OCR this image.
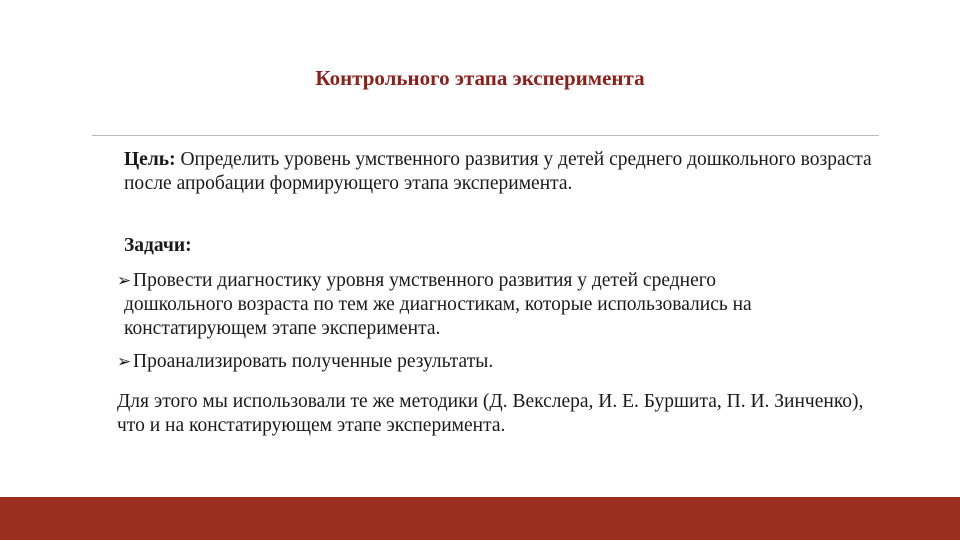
Контрольного этапа эксперимента
Цель: Определить уровень умственного развития у детей среднего дошкольного возраста после апробации формирующего этапа эксперимента.
Задачи:
➢Провести диагностику уровня умственного развития у детей среднего
дошкольного возраста по тем же диагностикам, которые использовались на констатирующем этапе эксперимента.
➢Проанализировать полученные результаты.
Для этого мы использовали те же методики (Д. Векслера, И. Е. Буршита, П. И. Зинченко), что и на констатирующем этапе эксперимента.
